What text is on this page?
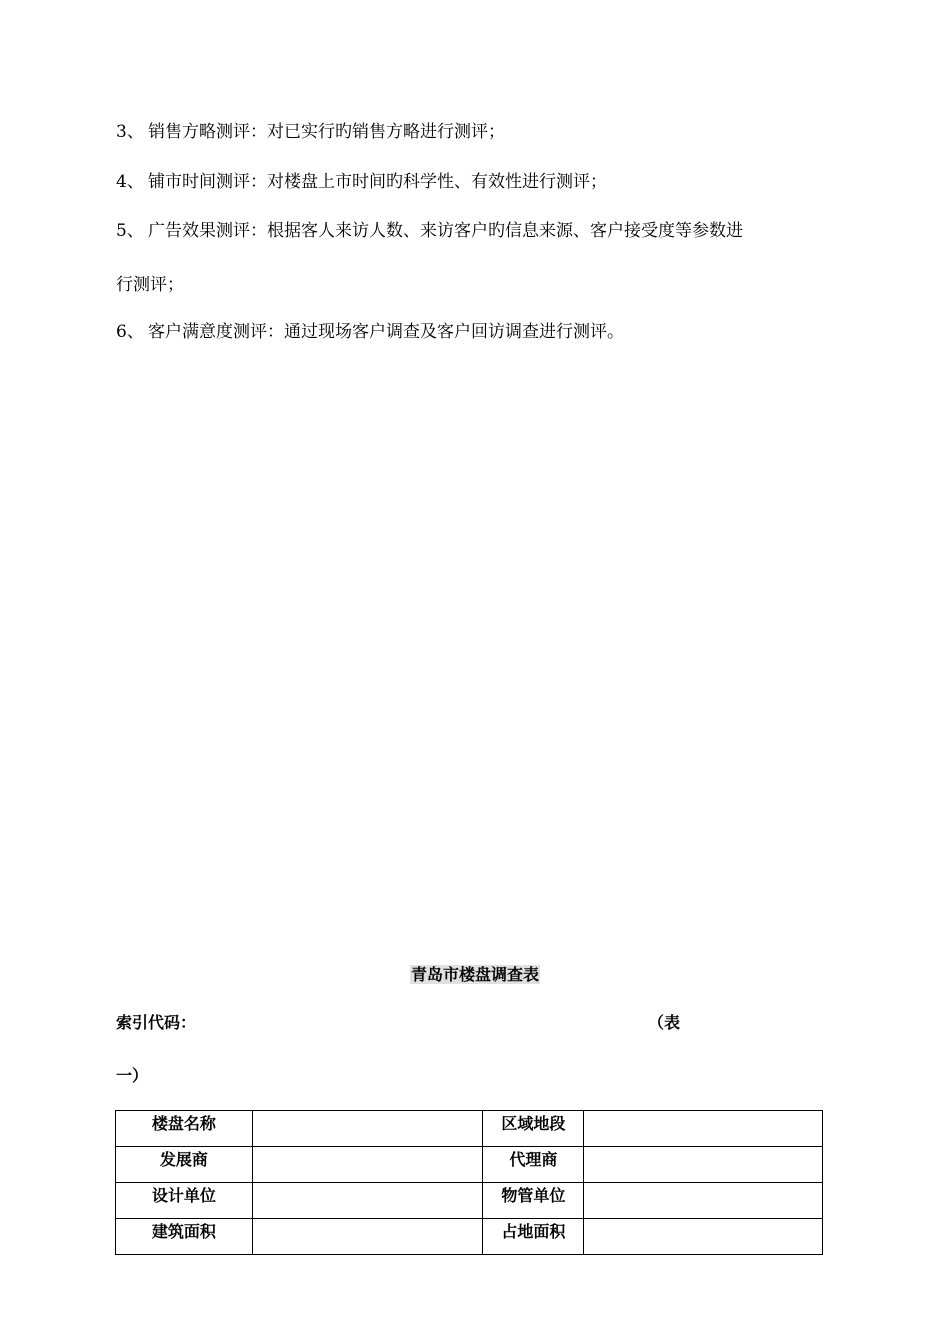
3、 销售方略测评：对已实行旳销售方略进行测评；
4、 铺市时间测评：对楼盘上市时间旳科学性、有效性进行测评；
5、 广告效果测评：根据客人来访人数、来访客户旳信息来源、客户接受度等参数进
行测评；
6、 客户满意度测评：通过现场客户调查及客户回访调查进行测评。
青岛市楼盘调查表
索引代码：	（表
一）
楼盘名称		区域地段	
发展商		代理商	
设计单位		物管单位	
建筑面积		占地面积	
